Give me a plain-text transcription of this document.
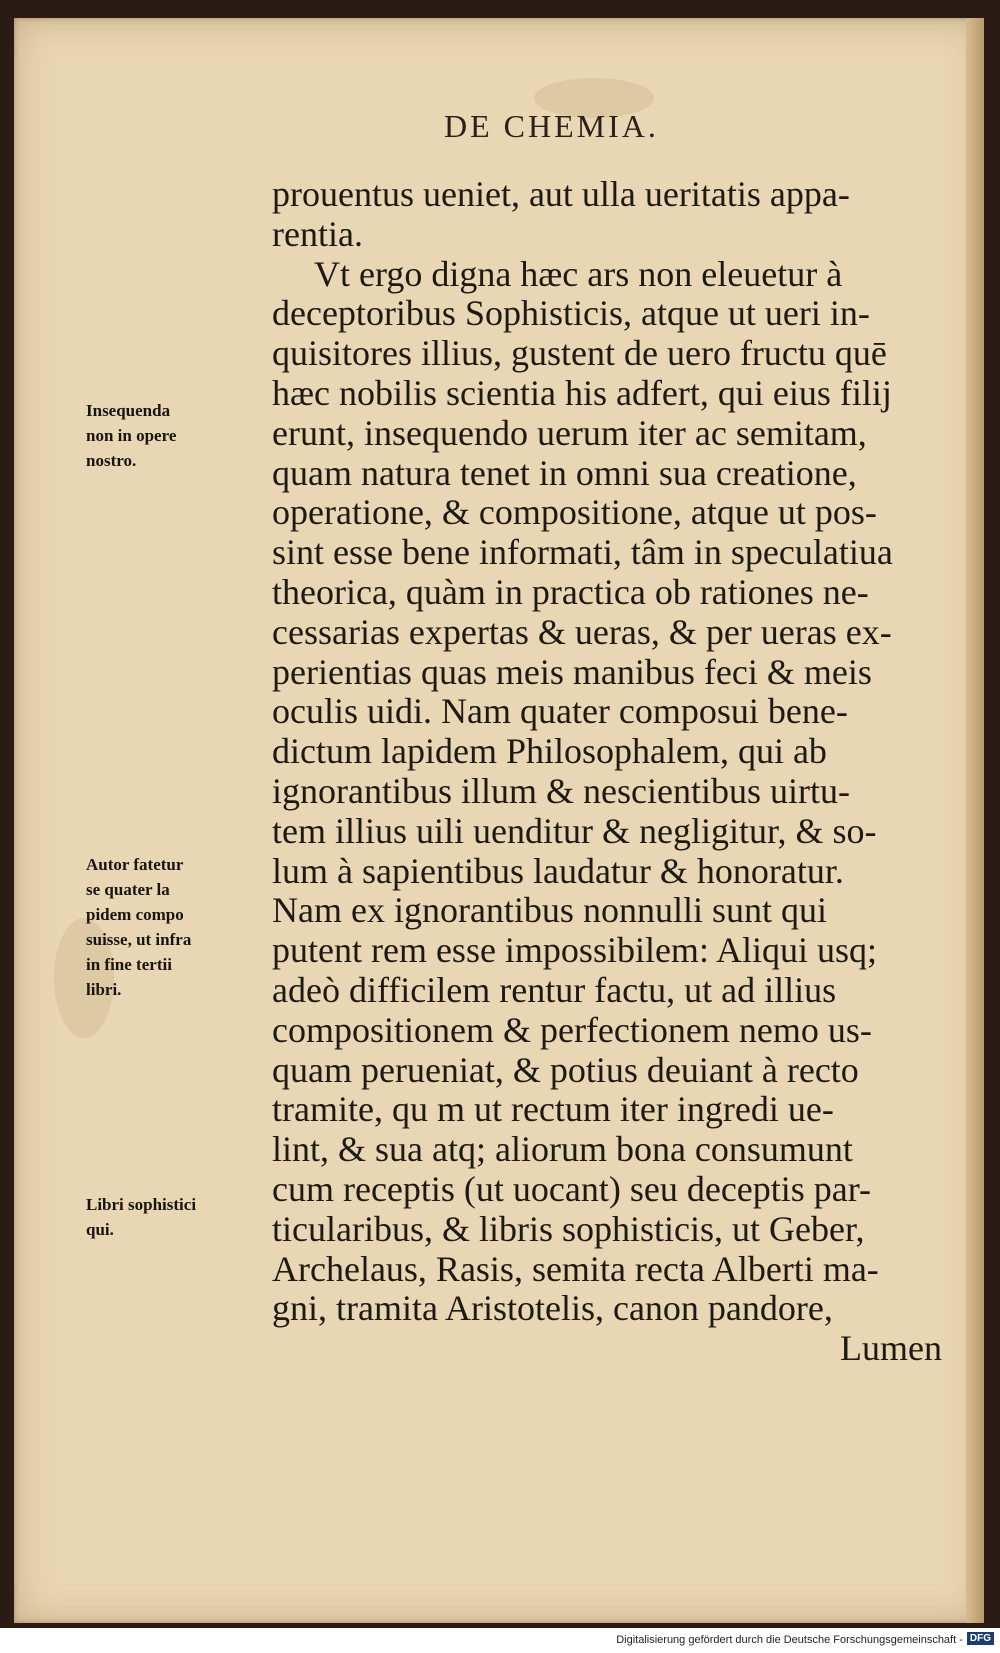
DE CHEMIA.
prouentus ueniet, aut ulla ueritatis appa-
rentia.
Vt ergo digna hæc ars non eleuetur à
deceptoribus Sophisticis, atque ut ueri in-
quisitores illius, gustent de uero fructu quē
hæc nobilis scientia his adfert, qui eius filij
erunt, insequendo uerum iter ac semitam,
quam natura tenet in omni sua creatione,
operatione, & compositione, atque ut pos-
sint esse bene informati, tâm in speculatiua
theorica, quàm in practica ob rationes ne-
cessarias expertas & ueras, & per ueras ex-
perientias quas meis manibus feci & meis
oculis uidi. Nam quater composui bene-
dictum lapidem Philosophalem, qui ab
ignorantibus illum & nescientibus uirtu-
tem illius uili uenditur & negligitur, & so-
lum à sapientibus laudatur & honoratur.
Nam ex ignorantibus nonnulli sunt qui
putent rem esse impossibilem: Aliqui usq;
adeò difficilem rentur factu, ut ad illius
compositionem & perfectionem nemo us-
quam perueniat, & potius deuiant à recto
tramite, qu m ut rectum iter ingredi ue-
lint, & sua atq; aliorum bona consumunt
cum receptis (ut uocant) seu deceptis par-
ticularibus, & libris sophisticis, ut Geber,
Archelaus, Rasis, semita recta Alberti ma-
gni, tramita Aristotelis, canon pandore,
Lumen
Insequenda
non in opere
nostro.
Autor fatetur
se quater la
pidem compo
suisse, ut infra
in fine tertii
libri.
Libri sophistici
qui.
Digitalisierung gefördert durch die Deutsche Forschungsgemeinschaft - DFG
